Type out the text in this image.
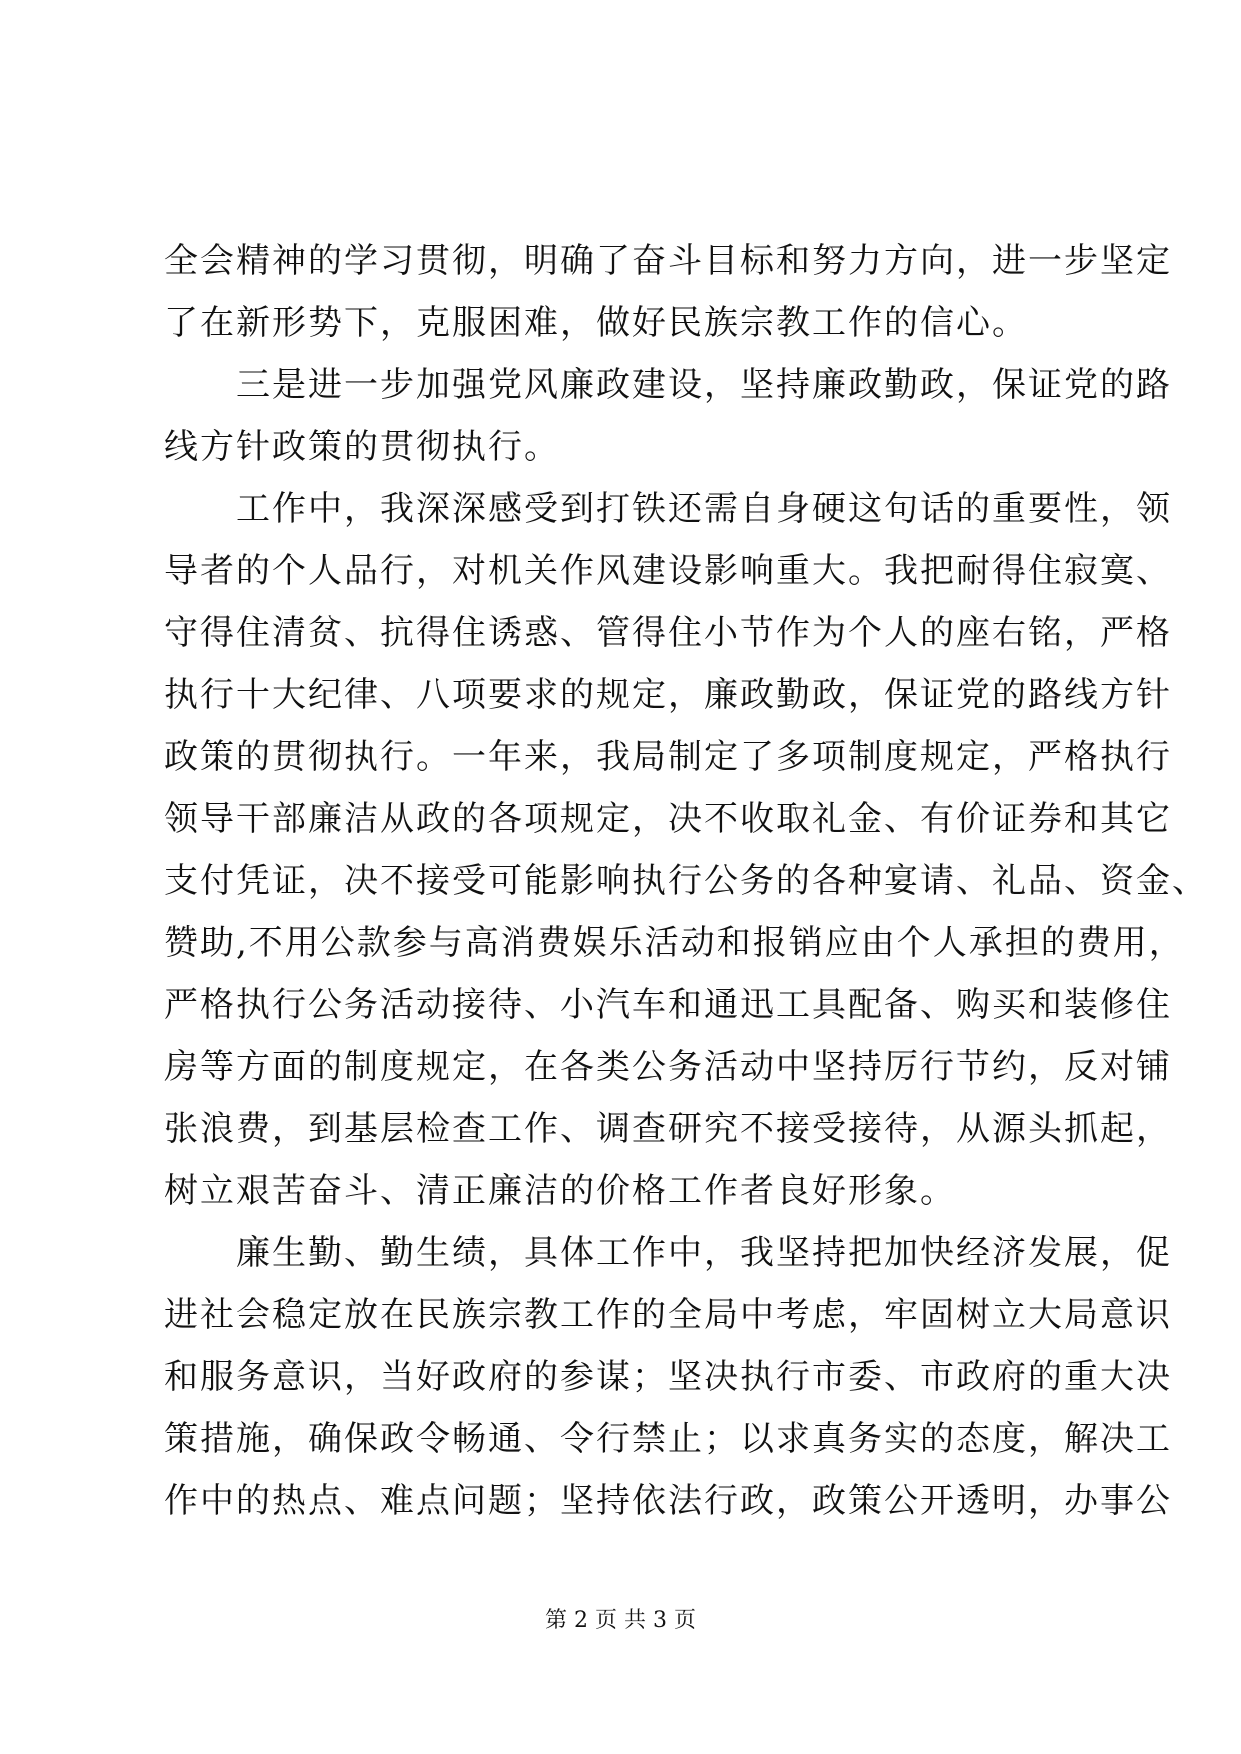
全会精神的学习贯彻，明确了奋斗目标和努力方向，进一步坚定
了在新形势下，克服困难，做好民族宗教工作的信心。
三是进一步加强党风廉政建设，坚持廉政勤政，保证党的路
线方针政策的贯彻执行。
工作中，我深深感受到打铁还需自身硬这句话的重要性，领
导者的个人品行，对机关作风建设影响重大。我把耐得住寂寞、
守得住清贫、抗得住诱惑、管得住小节作为个人的座右铭，严格
执行十大纪律、八项要求的规定，廉政勤政，保证党的路线方针
政策的贯彻执行。一年来，我局制定了多项制度规定，严格执行
领导干部廉洁从政的各项规定，决不收取礼金、有价证券和其它
支付凭证，决不接受可能影响执行公务的各种宴请、礼品、资金、
赞助,不用公款参与高消费娱乐活动和报销应由个人承担的费用，
严格执行公务活动接待、小汽车和通迅工具配备、购买和装修住
房等方面的制度规定，在各类公务活动中坚持厉行节约，反对铺
张浪费，到基层检查工作、调查研究不接受接待，从源头抓起，
树立艰苦奋斗、清正廉洁的价格工作者良好形象。
廉生勤、勤生绩，具体工作中，我坚持把加快经济发展，促
进社会稳定放在民族宗教工作的全局中考虑，牢固树立大局意识
和服务意识，当好政府的参谋；坚决执行市委、市政府的重大决
策措施，确保政令畅通、令行禁止；以求真务实的态度，解决工
作中的热点、难点问题；坚持依法行政，政策公开透明，办事公
第 2 页 共 3 页
